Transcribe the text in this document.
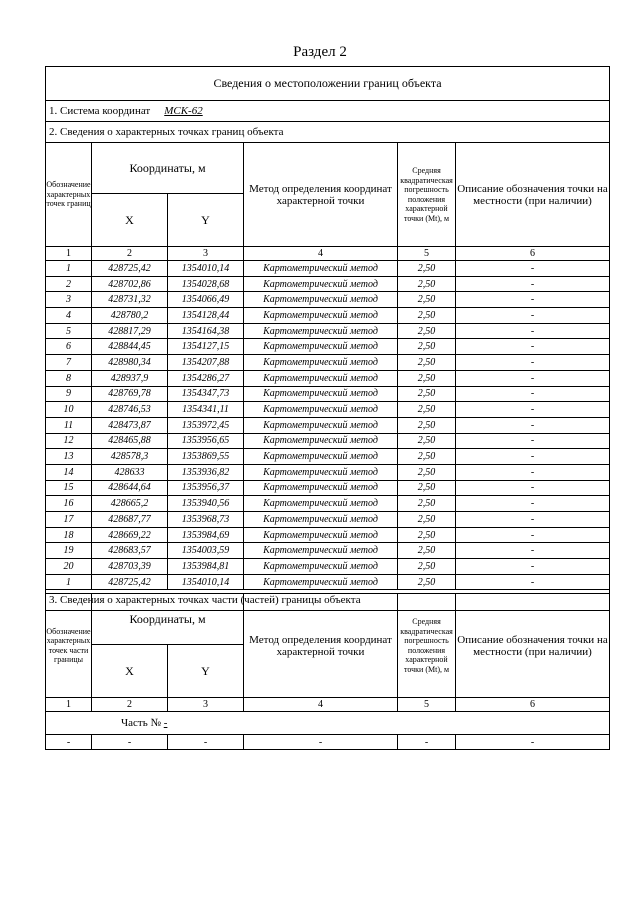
Раздел 2
Сведения о местоположении границ объекта					
1. Система координат МСК-62					
2. Сведения о характерных точках границ объекта					
Обозначение характерных точек границ	Координаты, м		Метод определения координат характерной точки	Средняя квадратическая погрешность положения характерной точки (Mt), м	Описание обозначения точки на местности (при наличии)
	X	Y			
1	2	3	4	5	6
1	428725,42	1354010,14	Картометрический метод	2,50	-
2	428702,86	1354028,68	Картометрический метод	2,50	-
3	428731,32	1354066,49	Картометрический метод	2,50	-
4	428780,2	1354128,44	Картометрический метод	2,50	-
5	428817,29	1354164,38	Картометрический метод	2,50	-
6	428844,45	1354127,15	Картометрический метод	2,50	-
7	428980,34	1354207,88	Картометрический метод	2,50	-
8	428937,9	1354286,27	Картометрический метод	2,50	-
9	428769,78	1354347,73	Картометрический метод	2,50	-
10	428746,53	1354341,11	Картометрический метод	2,50	-
11	428473,87	1353972,45	Картометрический метод	2,50	-
12	428465,88	1353956,65	Картометрический метод	2,50	-
13	428578,3	1353869,55	Картометрический метод	2,50	-
14	428633	1353936,82	Картометрический метод	2,50	-
15	428644,64	1353956,37	Картометрический метод	2,50	-
16	428665,2	1353940,56	Картометрический метод	2,50	-
17	428687,77	1353968,73	Картометрический метод	2,50	-
18	428669,22	1353984,69	Картометрический метод	2,50	-
19	428683,57	1354003,59	Картометрический метод	2,50	-
20	428703,39	1353984,81	Картометрический метод	2,50	-
1	428725,42	1354010,14	Картометрический метод	2,50	-
3. Сведения о характерных точках части (частей) границы объекта					
Обозначение характерных точек части границы	Координаты, м		Метод определения координат характерной точки	Средняя квадратическая погрешность положения характерной точки (Mt), м	Описание обозначения точки на местности (при наличии)
	X	Y			
1	2	3	4	5	6
Часть № -					
-	-	-	-	-	-
